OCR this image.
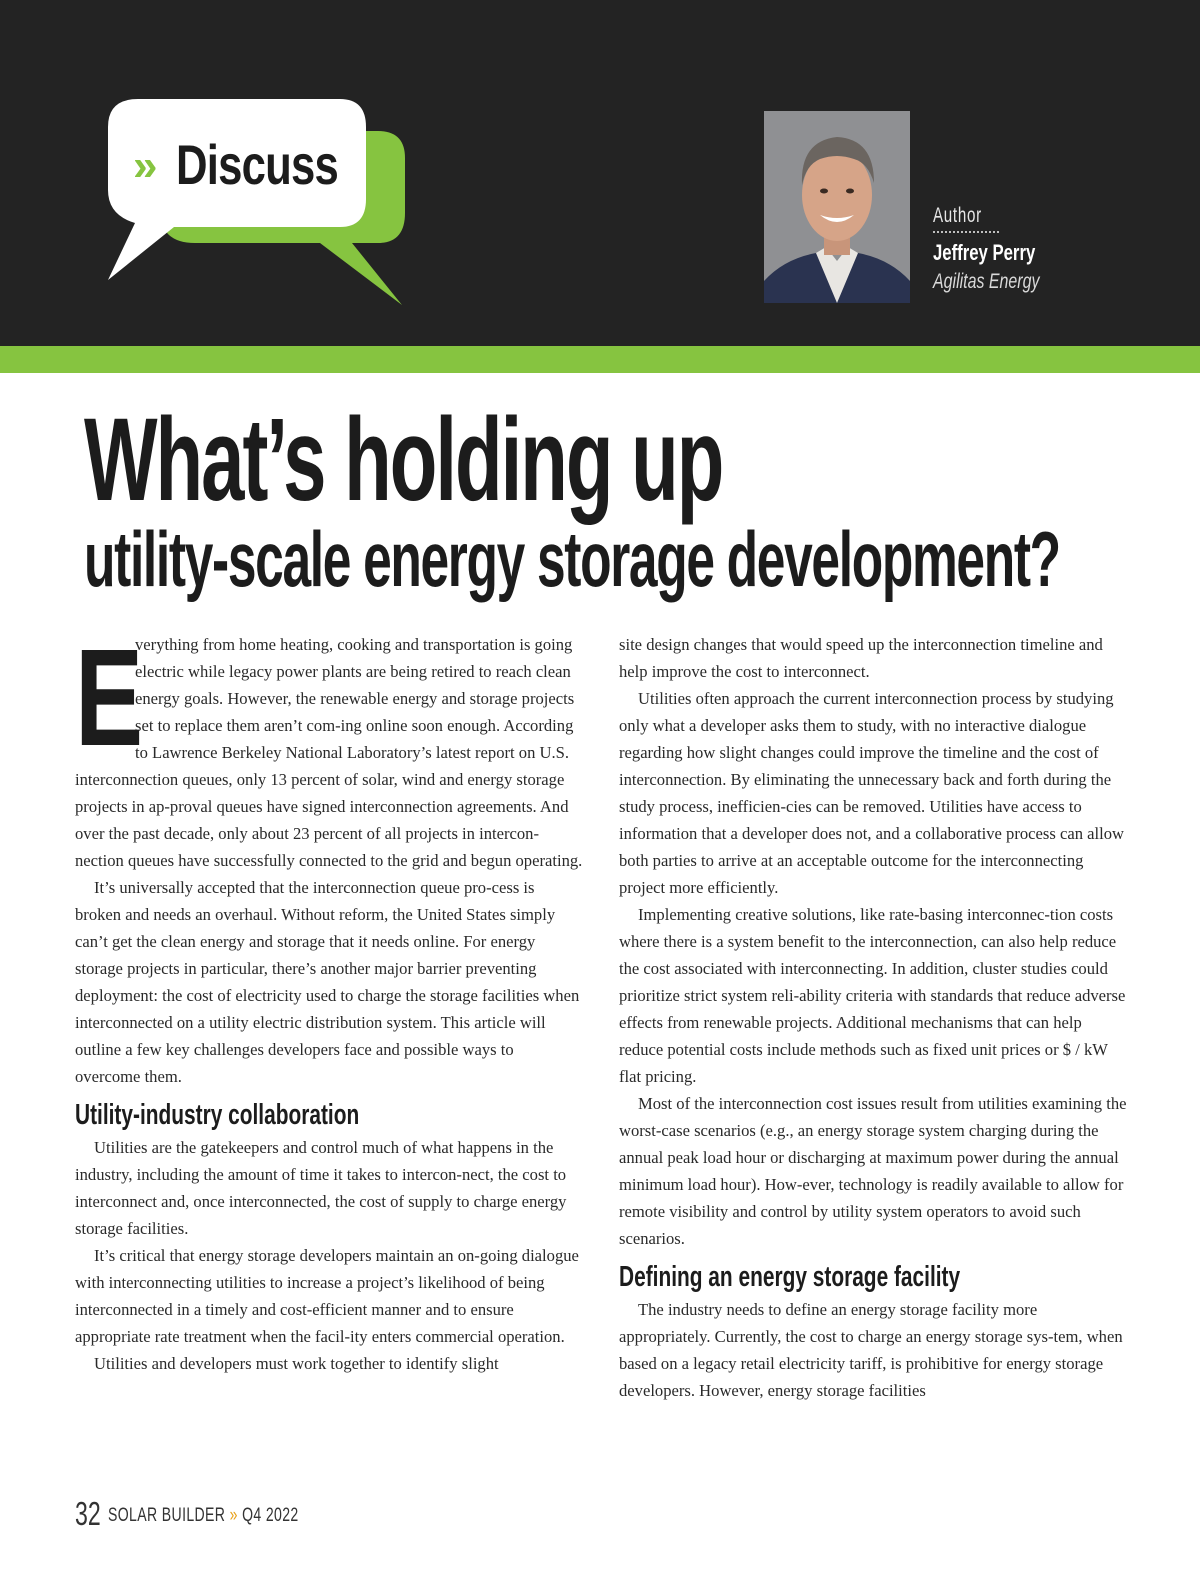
» Discuss
Author
Jeffrey Perry
Agilitas Energy
What’s holding up
utility-scale energy storage development?

E
verything from home heating, cooking and transportation is going electric while legacy power plants are being retired to reach clean energy goals. However, the renewable energy and storage projects set to replace them aren’t com-ing online soon enough. According to Lawrence Berkeley National Laboratory’s latest report on U.S. interconnection queues, only 13 percent of solar, wind and energy storage projects in ap-proval queues have signed interconnection agreements. And over the past decade, only about 23 percent of all projects in intercon-nection queues have successfully connected to the grid and begun operating.

It’s universally accepted that the interconnection queue pro-cess is broken and needs an overhaul. Without reform, the United States simply can’t get the clean energy and storage that it needs online. For energy storage projects in particular, there’s another major barrier preventing deployment: the cost of electricity used to charge the storage facilities when interconnected on a utility electric distribution system. This article will outline a few key challenges developers face and possible ways to overcome them.

Utility-industry collaboration

Utilities are the gatekeepers and control much of what happens in the industry, including the amount of time it takes to intercon-nect, the cost to interconnect and, once interconnected, the cost of supply to charge energy storage facilities.

It’s critical that energy storage developers maintain an on-going dialogue with interconnecting utilities to increase a project’s likelihood of being interconnected in a timely and cost-efficient manner and to ensure appropriate rate treatment when the facil-ity enters commercial operation.

Utilities and developers must work together to identify slight

site design changes that would speed up the interconnection timeline and help improve the cost to interconnect.

Utilities often approach the current interconnection process by studying only what a developer asks them to study, with no interactive dialogue regarding how slight changes could improve the timeline and the cost of interconnection. By eliminating the unnecessary back and forth during the study process, inefficien-cies can be removed. Utilities have access to information that a developer does not, and a collaborative process can allow both parties to arrive at an acceptable outcome for the interconnecting project more efficiently.

Implementing creative solutions, like rate-basing interconnec-tion costs where there is a system benefit to the interconnection, can also help reduce the cost associated with interconnecting. In addition, cluster studies could prioritize strict system reli-ability criteria with standards that reduce adverse effects from renewable projects. Additional mechanisms that can help reduce potential costs include methods such as fixed unit prices or $ / kW flat pricing.

Most of the interconnection cost issues result from utilities examining the worst-case scenarios (e.g., an energy storage system charging during the annual peak load hour or discharging at maximum power during the annual minimum load hour). How-ever, technology is readily available to allow for remote visibility and control by utility system operators to avoid such scenarios.

Defining an energy storage facility

The industry needs to define an energy storage facility more appropriately. Currently, the cost to charge an energy storage sys-tem, when based on a legacy retail electricity tariff, is prohibitive for energy storage developers. However, energy storage facilities

32 SOLAR BUILDER » Q4 2022
